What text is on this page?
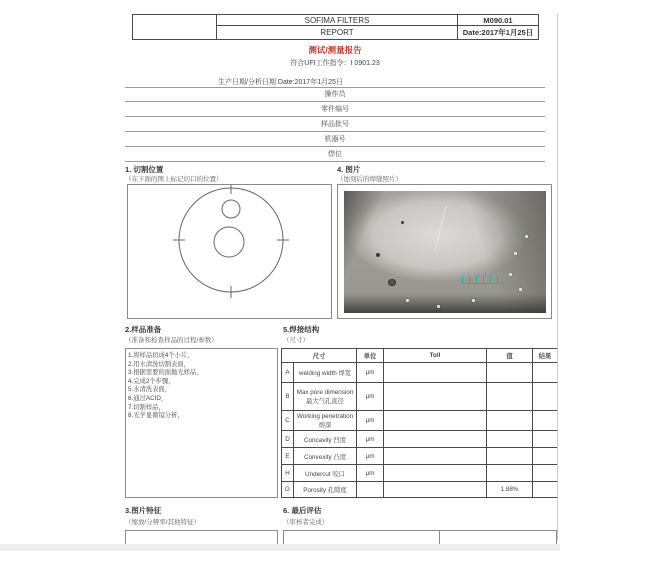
	SOFIMA FILTERS	M090.01
	REPORT	Date:2017年1月25日
测试/测量报告
符合UFI工作指令：I 0901.23
生产日期/分析日期 Date:2017年1月25日
操作员
零件编号
样品批号
机器号
焊位
1. 切割位置
（在下面的图上标记切口的位置）
4. 图片
（蚀刻后的焊缝照片）
2.样品准备
（准备和检查样品的过程/参数）
1.将样品切成4个小片，
2.用水清洗切割表面，
3.根据需要的面抛光样品，
4.完成2个步骤，
5.水清洗表面，
6.通过ACID，
7.切割样品，
8.光学显微镜分析，
5.焊接结构
（尺寸）
尺寸		单位	Toll	值	结果
A	welding width 焊宽	μm			
B	Max pore dimension 最大气孔直径	μm			
C	Working penetration 熔深	μm			
D	Concavity 凹度	μm			
E	Convexity 凸度	μm			
H	Undercut 咬口	μm			
G	Porosity 孔隙度			1.88%	
3.图片特征
（缩放/分辨率/其他特征）
6. 最后评估
（审核者完成）
